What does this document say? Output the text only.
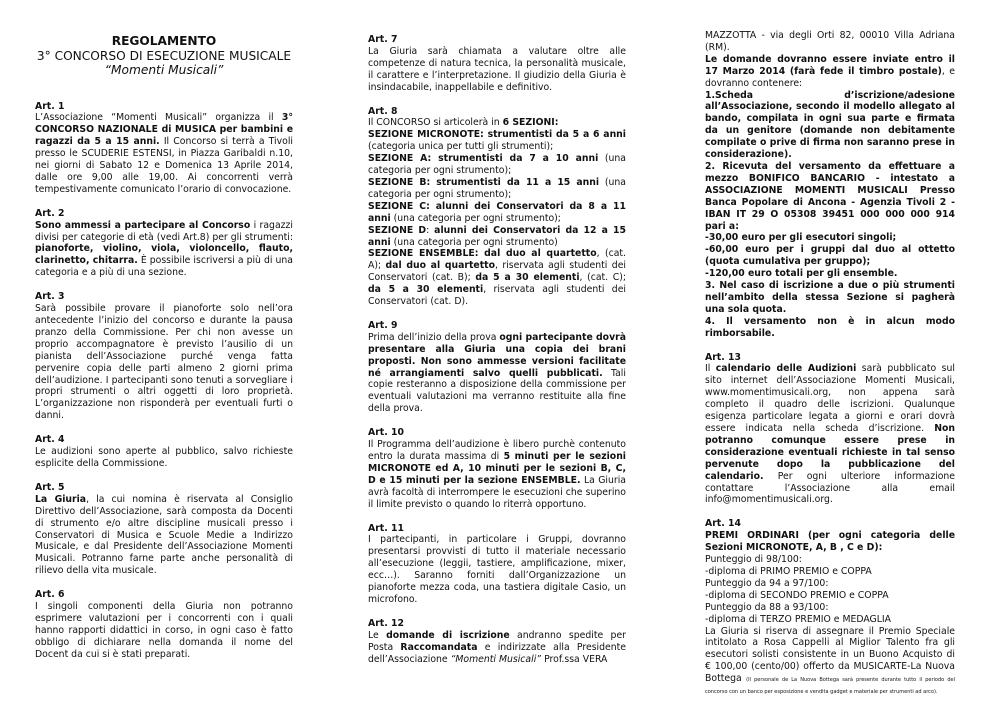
REGOLAMENTO
3° CONCORSO DI ESECUZIONE MUSICALE
“Momenti Musicali”
Art. 1
L’Associazione “Momenti Musicali” organizza il 3° CONCORSO NAZIONALE di MUSICA per bambini e ragazzi da 5 a 15 anni. Il Concorso si terrà a Tivoli presso le SCUDERIE ESTENSI, in Piazza Garibaldi n.10, nei giorni di Sabato 12 e Domenica 13 Aprile 2014, dalle ore 9,00 alle 19,00. Ai concorrenti verrà tempestivamente comunicato l’orario di convocazione.
Art. 2
Sono ammessi a partecipare al Concorso i ragazzi divisi per categorie di età (vedi Art.8) per gli strumenti: pianoforte, violino, viola, violoncello, flauto, clarinetto, chitarra. È possibile iscriversi a più di una categoria e a più di una sezione.
Art. 3
Sarà possibile provare il pianoforte solo nell’ora antecedente l’inizio del concorso e durante la pausa pranzo della Commissione. Per chi non avesse un proprio accompagnatore è previsto l’ausilio di un pianista dell’Associazione purché venga fatta pervenire copia delle parti almeno 2 giorni prima dell’audizione. I partecipanti sono tenuti a sorvegliare i propri strumenti o altri oggetti di loro proprietà. L’organizzazione non risponderà per eventuali furti o danni.
Art. 4
Le audizioni sono aperte al pubblico, salvo richieste esplicite della Commissione.
Art. 5
La Giuria, la cui nomina è riservata al Consiglio Direttivo dell’Associazione, sarà composta da Docenti di strumento e/o altre discipline musicali presso i Conservatori di Musica e Scuole Medie a Indirizzo Musicale, e dal Presidente dell’Associazione Momenti Musicali. Potranno farne parte anche personalità di rilievo della vita musicale.
Art. 6
I singoli componenti della Giuria non potranno esprimere valutazioni per i concorrenti con i quali hanno rapporti didattici in corso, in ogni caso è fatto obbligo di dichiarare nella domanda il nome del Docent da cui si è stati preparati.
Art. 7
La Giuria sarà chiamata a valutare oltre alle competenze di natura tecnica, la personalità musicale, il carattere e l’interpretazione. Il giudizio della Giuria è insindacabile, inappellabile e definitivo.
Art. 8
Il CONCORSO si articolerà in 6 SEZIONI:
SEZIONE MICRONOTE: strumentisti da 5 a 6 anni (categoria unica per tutti gli strumenti);
SEZIONE A: strumentisti da 7 a 10 anni (una categoria per ogni strumento);
SEZIONE B: strumentisti da 11 a 15 anni (una categoria per ogni strumento);
SEZIONE C: alunni dei Conservatori da 8 a 11 anni (una categoria per ogni strumento);
SEZIONE D: alunni dei Conservatori da 12 a 15 anni (una categoria per ogni strumento)
SEZIONE ENSEMBLE: dal duo al quartetto, (cat. A); dal duo al quartetto, riservata agli studenti dei Conservatori (cat. B); da 5 a 30 elementi, (cat. C); da 5 a 30 elementi, riservata agli studenti dei Conservatori (cat. D).
Art. 9
Prima dell’inizio della prova ogni partecipante dovrà presentare alla Giuria una copia dei brani proposti. Non sono ammesse versioni facilitate né arrangiamenti salvo quelli pubblicati. Tali copie resteranno a disposizione della commissione per eventuali valutazioni ma verranno restituite alla fine della prova.
Art. 10
Il Programma dell’audizione è libero purchè contenuto entro la durata massima di 5 minuti per le sezioni MICRONOTE ed A, 10 minuti per le sezioni B, C, D e 15 minuti per la sezione ENSEMBLE. La Giuria avrà facoltà di interrompere le esecuzioni che superino il limite previsto o quando lo riterrà opportuno.
Art. 11
I partecipanti, in particolare i Gruppi, dovranno presentarsi provvisti di tutto il materiale necessario all’esecuzione (leggii, tastiere, amplificazione, mixer, ecc…). Saranno forniti dall’Organizzazione un pianoforte mezza coda, una tastiera digitale Casio, un microfono.
Art. 12
Le domande di iscrizione andranno spedite per Posta Raccomandata e indirizzate alla Presidente dell’Associazione “Momenti Musicali” Prof.ssa VERA
MAZZOTTA - via degli Orti 82, 00010 Villa Adriana (RM).
Le domande dovranno essere inviate entro il 17 Marzo 2014 (farà fede il timbro postale), e dovranno contenere:
1.Scheda d’iscrizione/adesione all’Associazione, secondo il modello allegato al bando, compilata in ogni sua parte e firmata da un genitore (domande non debitamente compilate o prive di firma non saranno prese in considerazione).
2. Ricevuta del versamento da effettuare a mezzo BONIFICO BANCARIO - intestato a ASSOCIAZIONE MOMENTI MUSICALI Presso Banca Popolare di Ancona - Agenzia Tivoli 2 - IBAN IT 29 O 05308 39451 000 000 000 914 pari a:
-30,00 euro per gli esecutori singoli;
-60,00 euro per i gruppi dal duo al ottetto (quota cumulativa per gruppo);
-120,00 euro totali per gli ensemble.
3. Nel caso di iscrizione a due o più strumenti nell’ambito della stessa Sezione si pagherà una sola quota.
4. Il versamento non è in alcun modo rimborsabile.
Art. 13
Il calendario delle Audizioni sarà pubblicato sul sito internet dell’Associazione Momenti Musicali, www.momentimusicali.org, non appena sarà completo il quadro delle iscrizioni. Qualunque esigenza particolare legata a giorni e orari dovrà essere indicata nella scheda d’iscrizione. Non potranno comunque essere prese in considerazione eventuali richieste in tal senso pervenute dopo la pubblicazione del calendario. Per ogni ulteriore informazione contattare l’Associazione alla email info@momentimusicali.org.
Art. 14
PREMI ORDINARI (per ogni categoria delle Sezioni MICRONOTE, A, B , C e D):
Punteggio di 98/100:
-diploma di PRIMO PREMIO e COPPA
Punteggio da 94 a 97/100:
-diploma di SECONDO PREMIO e COPPA
Punteggio da 88 a 93/100:
-diploma di TERZO PREMIO e MEDAGLIA
La Giuria si riserva di assegnare il Premio Speciale intitolato a Rosa Cappelli al Miglior Talento fra gli esecutori solisti consistente in un Buono Acquisto di € 100,00 (cento/00) offerto da MUSICARTE-La Nuova Bottega (Il personale de La Nuova Bottega sarà presente durante tutto il periodo del concorso con un banco per esposizione e vendita gadget e materiale per strumenti ad arco).
